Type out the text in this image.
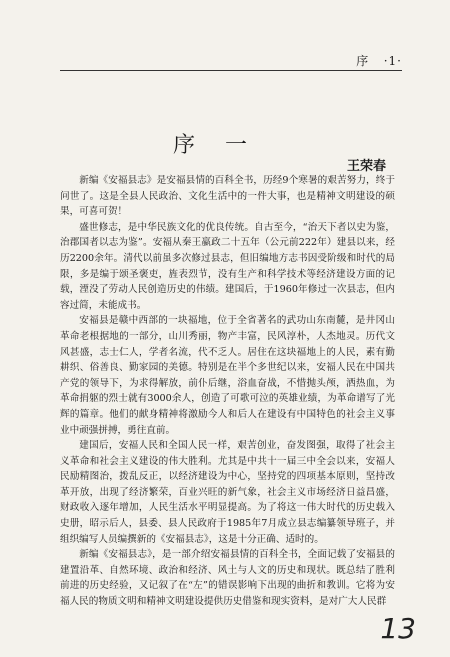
序 ·1·
序一
王荣春

新编《安福县志》是安福县情的百科全书，历经9个寒暑的艰苦努力，终于问世了。这是全县人民政治、文化生活中的一件大事，也是精神文明建设的硕果，可喜可贺！

盛世修志，是中华民族文化的优良传统。自古至今，“治天下者以史为鉴，治郡国者以志为鉴”。安福从秦王嬴政二十五年（公元前222年）建县以来，经历2200余年。清代以前虽多次修过县志，但旧编地方志书因受阶级和时代的局限，多是编于颂圣褒吏，旌表烈节，没有生产和科学技术等经济建设方面的记载，湮没了劳动人民创造历史的伟绩。建国后，于1960年修过一次县志，但内容过简，未能成书。

安福县是赣中西部的一块福地，位于全省著名的武功山东南麓，是井冈山革命老根据地的一部分，山川秀丽，物产丰富，民风淳朴，人杰地灵。历代文风甚盛，志士仁人，学者名流，代不乏人。居住在这块福地上的人民，素有勤耕织、俗善良、勤家园的美德。特别是在半个多世纪以来，安福人民在中国共产党的领导下，为求得解放，前仆后继，浴血奋战，不惜抛头颅，洒热血，为革命捐躯的烈士就有3000余人，创造了可歌可泣的英雄业绩，为革命谱写了光辉的篇章。他们的献身精神将激励今人和后人在建设有中国特色的社会主义事业中顽强拼搏，勇往直前。

建国后，安福人民和全国人民一样，艰苦创业，奋发图强，取得了社会主义革命和社会主义建设的伟大胜利。尤其是中共十一届三中全会以来，安福人民励精图治，拨乱反正，以经济建设为中心，坚持党的四项基本原则，坚持改革开放，出现了经济繁荣，百业兴旺的新气象，社会主义市场经济日益昌盛，财政收入逐年增加，人民生活水平明显提高。为了将这一伟大时代的历史载入史册，昭示后人，县委、县人民政府于1985年7月成立县志编纂领导班子，并组织编写人员编撰新的《安福县志》，这是十分正确、适时的。

新编《安福县志》，是一部介绍安福县情的百科全书，全面记载了安福县的建置沿革、自然环境、政治和经济、风土与人文的历史和现状。既总结了胜利前进的历史经验，又记叙了在“左”的错误影响下出现的曲折和教训。它将为安福人民的物质文明和精神文明建设提供历史借鉴和现实资料，是对广大人民群

13
